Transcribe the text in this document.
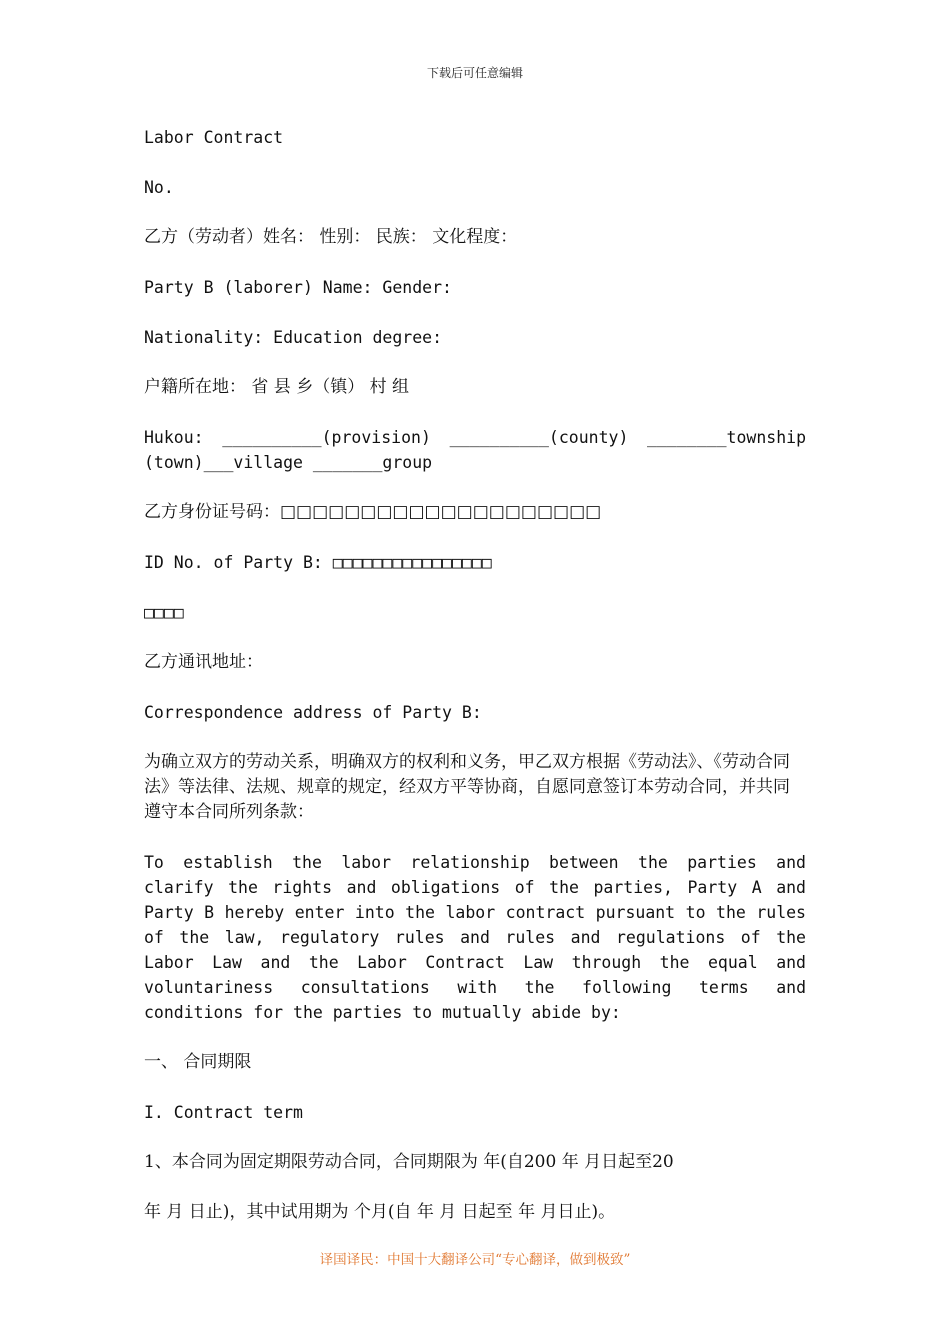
下载后可任意编辑

Labor Contract

No.

乙方（劳动者）姓名： 性别： 民族： 文化程度：

Party B (laborer) Name: Gender:

Nationality: Education degree:

户籍所在地： 省 县 乡（镇） 村 组

Hukou: __________(provision) __________(county) ________township (town)___village _______group

乙方身份证号码：□□□□□□□□□□□□□□□□□□□□

ID No. of Party B: □□□□□□□□□□□□□□□□

□□□□

乙方通讯地址：

Correspondence address of Party B:

为确立双方的劳动关系，明确双方的权利和义务，甲乙双方根据《劳动法》、《劳动合同法》等法律、法规、规章的规定，经双方平等协商，自愿同意签订本劳动合同，并共同遵守本合同所列条款：

To establish the labor relationship between the parties and clarify the rights and obligations of the parties, Party A and Party B hereby enter into the labor contract pursuant to the rules of the law, regulatory rules and rules and regulations of the Labor Law and the Labor Contract Law through the equal and voluntariness consultations with the following terms and conditions for the parties to mutually abide by:

一、 合同期限

I. Contract term

1、本合同为固定期限劳动合同，合同期限为 年(自200 年 月日起至20

年 月 日止)，其中试用期为 个月(自 年 月 日起至 年 月日止)。

译国译民：中国十大翻译公司“专心翻译，做到极致”
